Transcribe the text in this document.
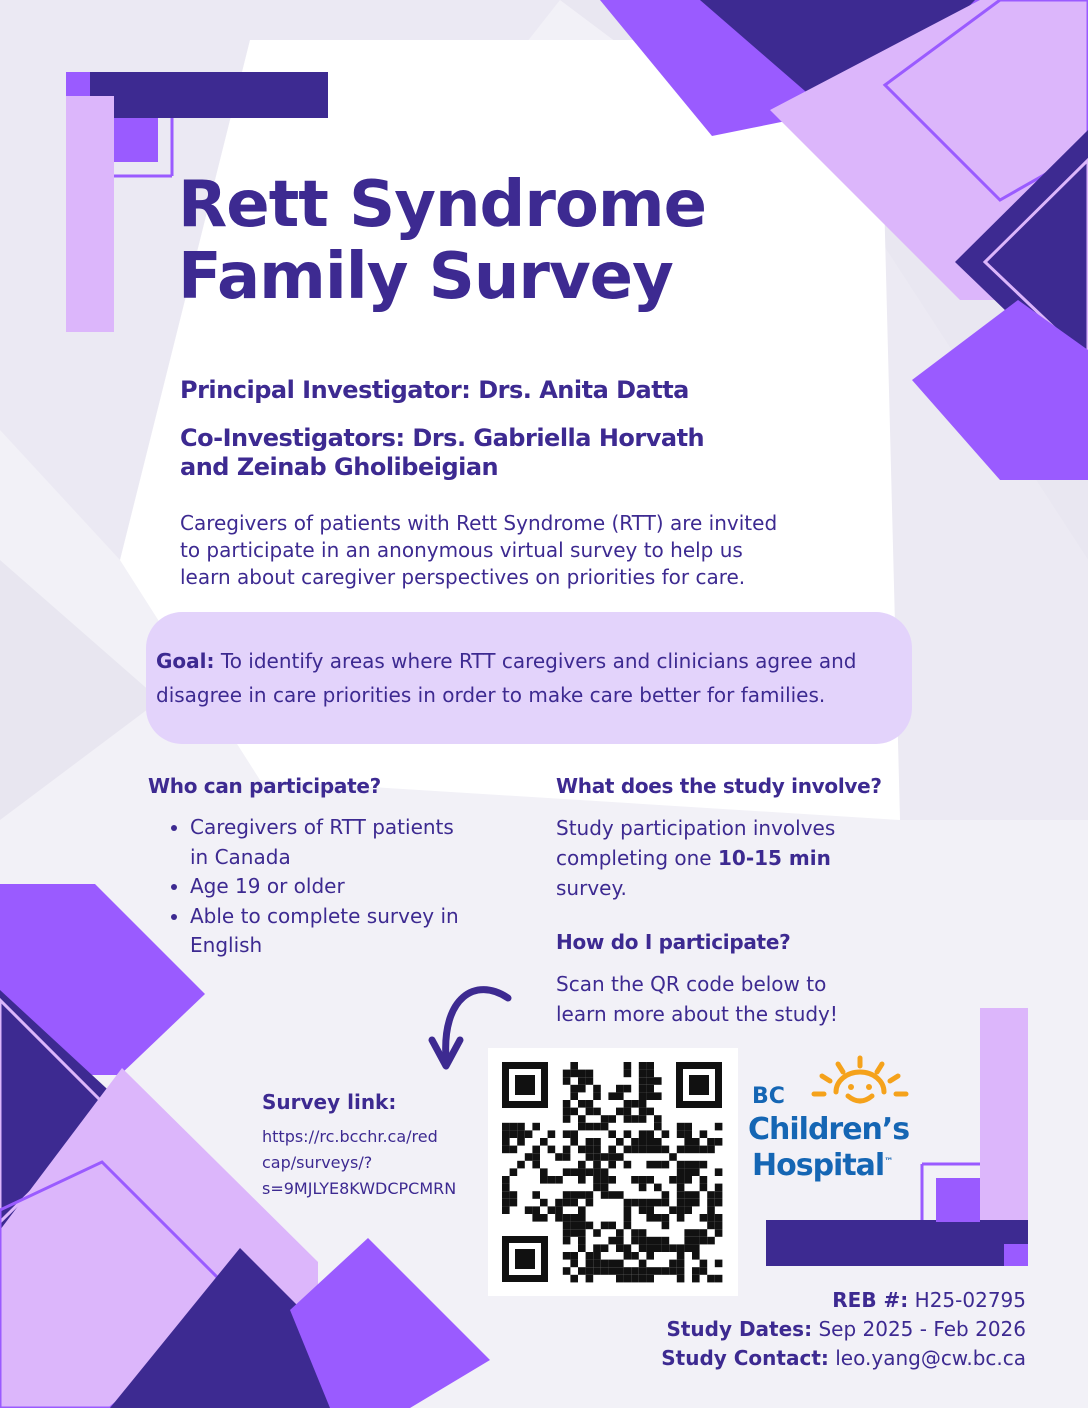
Rett Syndrome
Family Survey

Principal Investigator: Drs. Anita Datta

Co-Investigators: Drs. Gabriella Horvath
and Zeinab Gholibeigian

Caregivers of patients with Rett Syndrome (RTT) are invited
to participate in an anonymous virtual survey to help us
learn about caregiver perspectives on priorities for care.

Goal: To identify areas where RTT caregivers and clinicians agree and
disagree in care priorities in order to make care better for families.
Who can participate?
• Caregivers of RTT patients
in Canada
• Age 19 or older
• Able to complete survey in
English
What does the study involve?

Study participation involves
completing one 10-15 min
survey.

How do I participate?

Scan the QR code below to
learn more about the study!

Survey link:

https://rc.bcchr.ca/red
cap/surveys/?
s=9MJLYE8KWDCPCMRN

BC
Children’s
Hospital™

REB #: H25-02795

Study Dates: Sep 2025 - Feb 2026

Study Contact: leo.yang@cw.bc.ca
